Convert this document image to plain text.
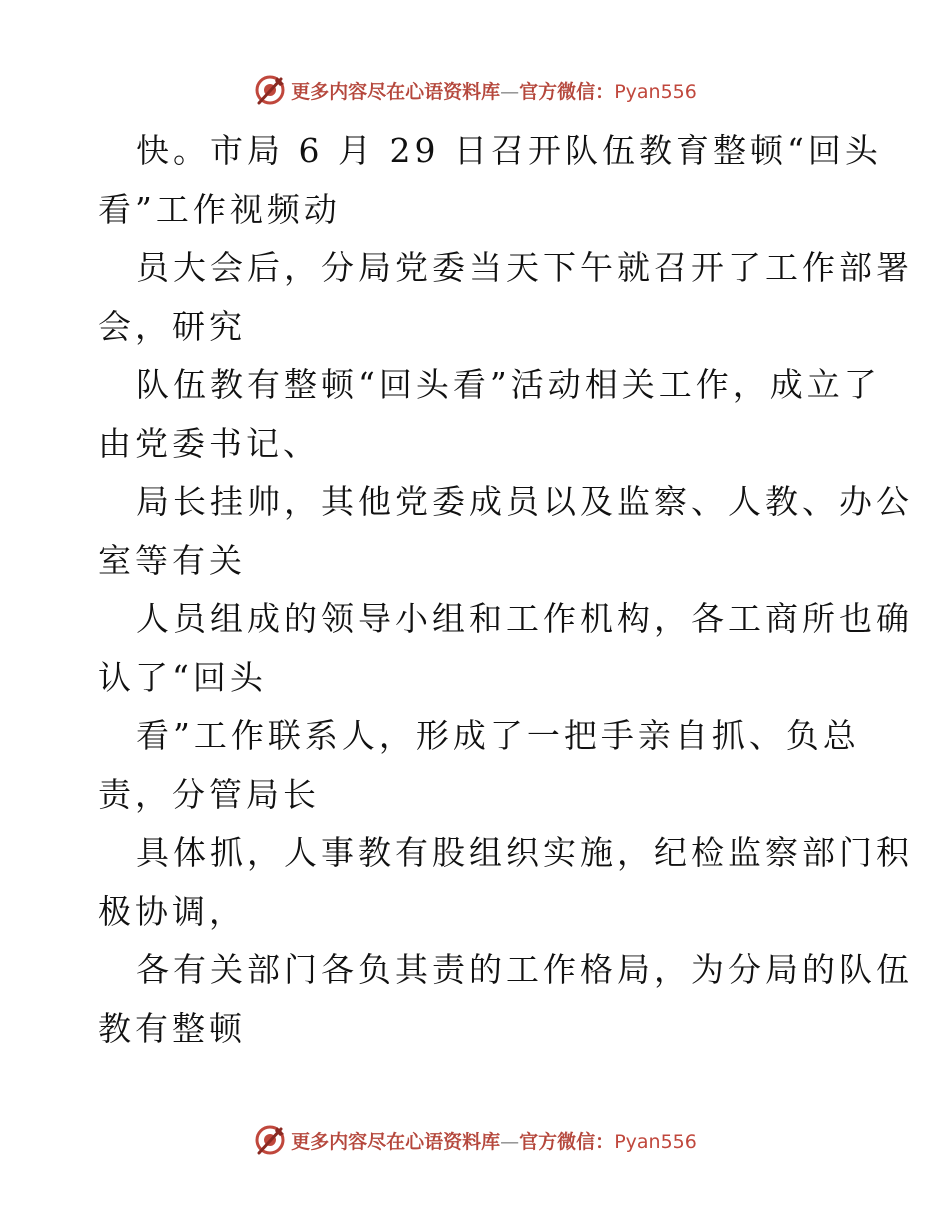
更多内容尽在心语资料库—官方微信：Pyan556

快。市局 6 月 29 日召开队伍教育整顿“回头
看”工作视频动

员大会后，分局党委当天下午就召开了工作部署
会，研究

队伍教有整顿“回头看”活动相关工作，成立了
由党委书记、

局长挂帅，其他党委成员以及监察、人教、办公
室等有关

人员组成的领导小组和工作机构，各工商所也确
认了“回头

看”工作联系人，形成了一把手亲自抓、负总
责，分管局长

具体抓，人事教有股组织实施，纪检监察部门积
极协调，

各有关部门各负其责的工作格局，为分局的队伍
教有整顿

更多内容尽在心语资料库—官方微信：Pyan556
